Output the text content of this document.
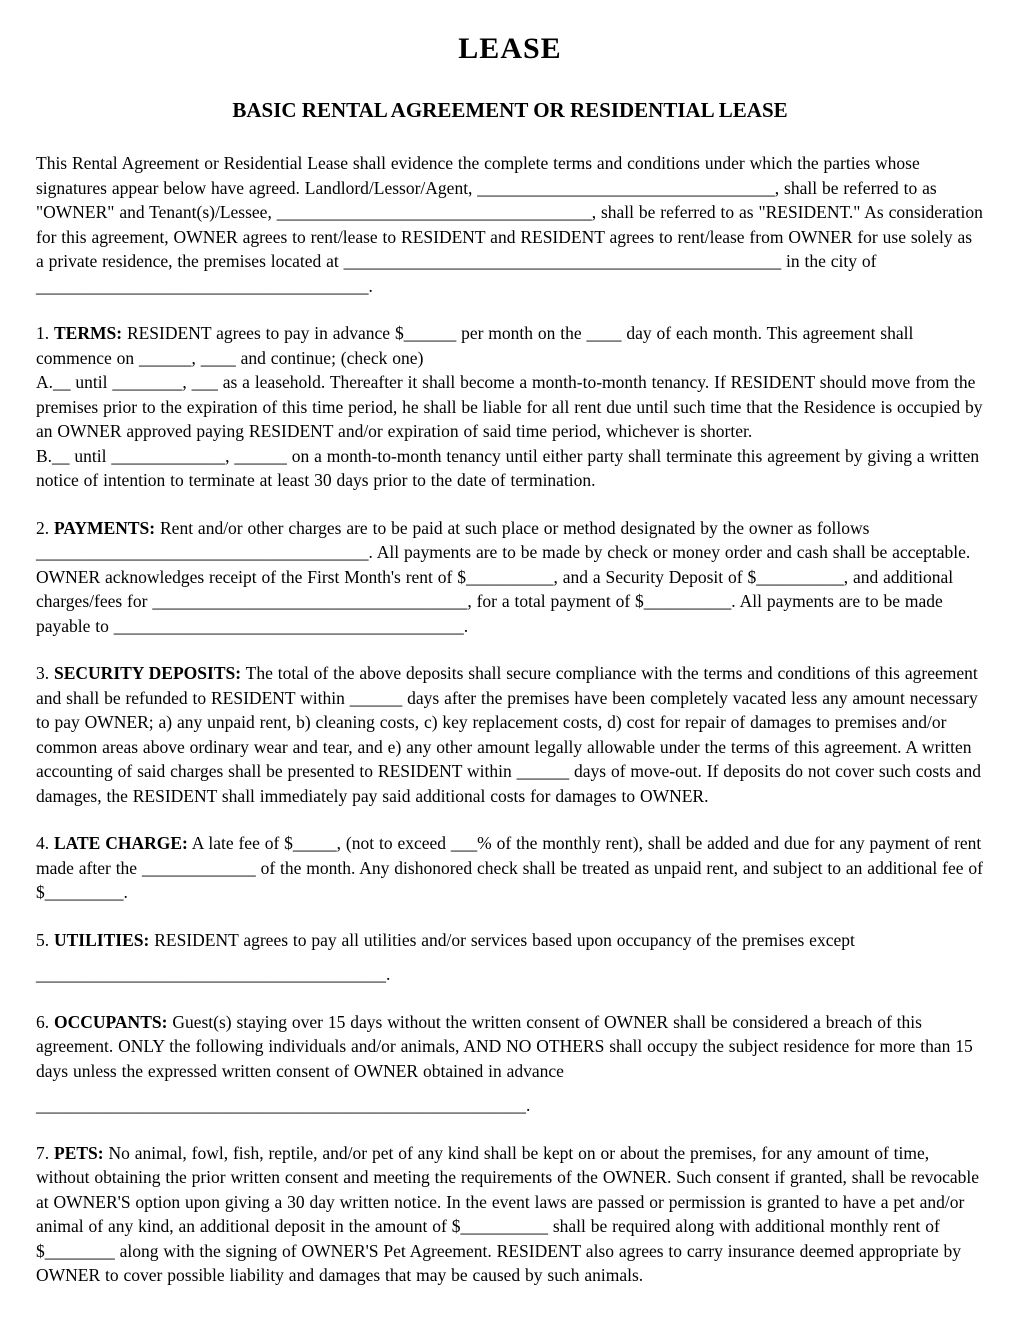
LEASE
BASIC RENTAL AGREEMENT OR RESIDENTIAL LEASE

This Rental Agreement or Residential Lease shall evidence the complete terms and conditions under which the parties whose signatures appear below have agreed. Landlord/Lessor/Agent, __________________________________, shall be referred to as "OWNER" and Tenant(s)/Lessee, ____________________________________, shall be referred to as "RESIDENT." As consideration for this agreement, OWNER agrees to rent/lease to RESIDENT and RESIDENT agrees to rent/lease from OWNER for use solely as a private residence, the premises located at __________________________________________________ in the city of ______________________________________.

1. TERMS: RESIDENT agrees to pay in advance $______ per month on the ____ day of each month. This agreement shall commence on ______, ____ and continue; (check one)

A.__ until ________, ___ as a leasehold. Thereafter it shall become a month-to-month tenancy. If RESIDENT should move from the premises prior to the expiration of this time period, he shall be liable for all rent due until such time that the Residence is occupied by an OWNER approved paying RESIDENT and/or expiration of said time period, whichever is shorter.

B.__ until _____________, ______ on a month-to-month tenancy until either party shall terminate this agreement by giving a written notice of intention to terminate at least 30 days prior to the date of termination.

2. PAYMENTS: Rent and/or other charges are to be paid at such place or method designated by the owner as follows ______________________________________. All payments are to be made by check or money order and cash shall be acceptable. OWNER acknowledges receipt of the First Month's rent of $__________, and a Security Deposit of $__________, and additional charges/fees for ____________________________________, for a total payment of $__________. All payments are to be made payable to ________________________________________.

3. SECURITY DEPOSITS: The total of the above deposits shall secure compliance with the terms and conditions of this agreement and shall be refunded to RESIDENT within ______ days after the premises have been completely vacated less any amount necessary to pay OWNER; a) any unpaid rent, b) cleaning costs, c) key replacement costs, d) cost for repair of damages to premises and/or common areas above ordinary wear and tear, and e) any other amount legally allowable under the terms of this agreement. A written accounting of said charges shall be presented to RESIDENT within ______ days of move-out. If deposits do not cover such costs and damages, the RESIDENT shall immediately pay said additional costs for damages to OWNER.

4. LATE CHARGE: A late fee of $_____, (not to exceed ___% of the monthly rent), shall be added and due for any payment of rent made after the _____________ of the month. Any dishonored check shall be treated as unpaid rent, and subject to an additional fee of $_________.

5. UTILITIES: RESIDENT agrees to pay all utilities and/or services based upon occupancy of the premises except

________________________________________.

6. OCCUPANTS: Guest(s) staying over 15 days without the written consent of OWNER shall be considered a breach of this agreement. ONLY the following individuals and/or animals, AND NO OTHERS shall occupy the subject residence for more than 15 days unless the expressed written consent of OWNER obtained in advance

________________________________________________________.

7. PETS: No animal, fowl, fish, reptile, and/or pet of any kind shall be kept on or about the premises, for any amount of time, without obtaining the prior written consent and meeting the requirements of the OWNER. Such consent if granted, shall be revocable at OWNER'S option upon giving a 30 day written notice. In the event laws are passed or permission is granted to have a pet and/or animal of any kind, an additional deposit in the amount of $__________ shall be required along with additional monthly rent of $________ along with the signing of OWNER'S Pet Agreement. RESIDENT also agrees to carry insurance deemed appropriate by OWNER to cover possible liability and damages that may be caused by such animals.
